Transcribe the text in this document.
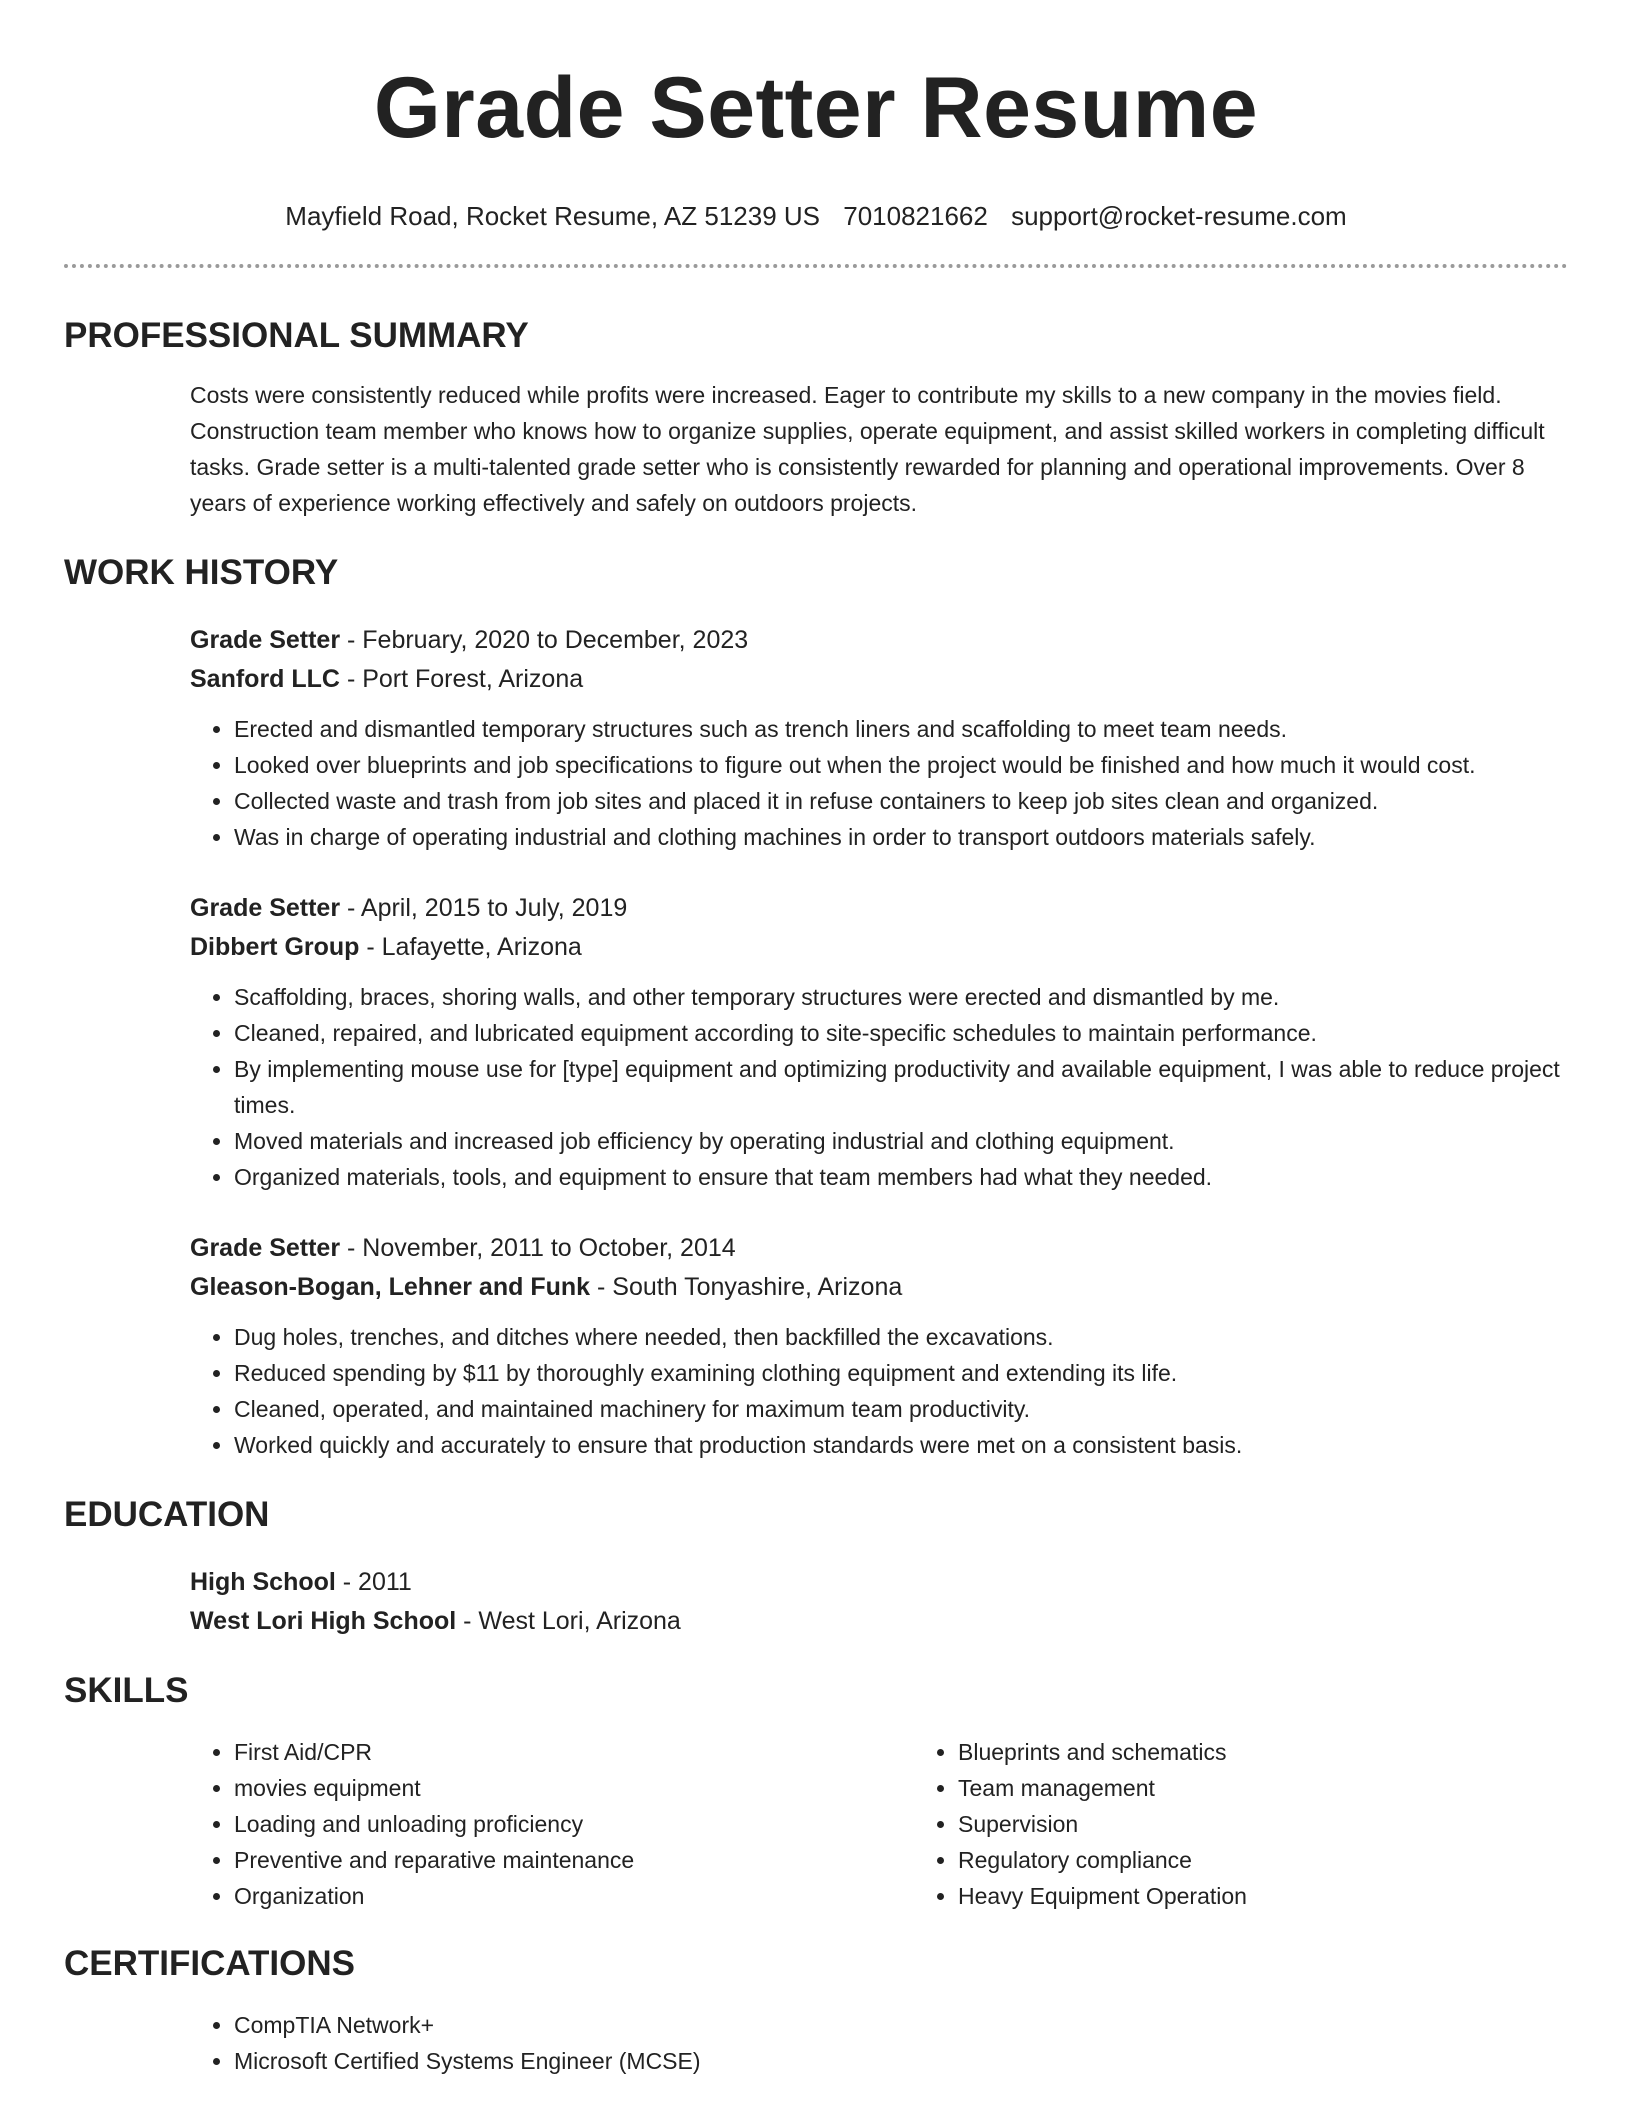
Grade Setter Resume
Mayfield Road, Rocket Resume, AZ 51239 US 7010821662 support@rocket-resume.com
PROFESSIONAL SUMMARY
Costs were consistently reduced while profits were increased. Eager to contribute my skills to a new company in the movies field. Construction team member who knows how to organize supplies, operate equipment, and assist skilled workers in completing difficult tasks. Grade setter is a multi-talented grade setter who is consistently rewarded for planning and operational improvements. Over 8 years of experience working effectively and safely on outdoors projects.
WORK HISTORY
Grade Setter - February, 2020 to December, 2023
Sanford LLC - Port Forest, Arizona
• Erected and dismantled temporary structures such as trench liners and scaffolding to meet team needs.
• Looked over blueprints and job specifications to figure out when the project would be finished and how much it would cost.
• Collected waste and trash from job sites and placed it in refuse containers to keep job sites clean and organized.
• Was in charge of operating industrial and clothing machines in order to transport outdoors materials safely.
Grade Setter - April, 2015 to July, 2019
Dibbert Group - Lafayette, Arizona
• Scaffolding, braces, shoring walls, and other temporary structures were erected and dismantled by me.
• Cleaned, repaired, and lubricated equipment according to site-specific schedules to maintain performance.
• By implementing mouse use for [type] equipment and optimizing productivity and available equipment, I was able to reduce project times.
• Moved materials and increased job efficiency by operating industrial and clothing equipment.
• Organized materials, tools, and equipment to ensure that team members had what they needed.
Grade Setter - November, 2011 to October, 2014
Gleason-Bogan, Lehner and Funk - South Tonyashire, Arizona
• Dug holes, trenches, and ditches where needed, then backfilled the excavations.
• Reduced spending by $11 by thoroughly examining clothing equipment and extending its life.
• Cleaned, operated, and maintained machinery for maximum team productivity.
• Worked quickly and accurately to ensure that production standards were met on a consistent basis.
EDUCATION
High School - 2011
West Lori High School - West Lori, Arizona
SKILLS
• First Aid/CPR
• movies equipment
• Loading and unloading proficiency
• Preventive and reparative maintenance
• Organization
• Blueprints and schematics
• Team management
• Supervision
• Regulatory compliance
• Heavy Equipment Operation
CERTIFICATIONS
• CompTIA Network+
• Microsoft Certified Systems Engineer (MCSE)
